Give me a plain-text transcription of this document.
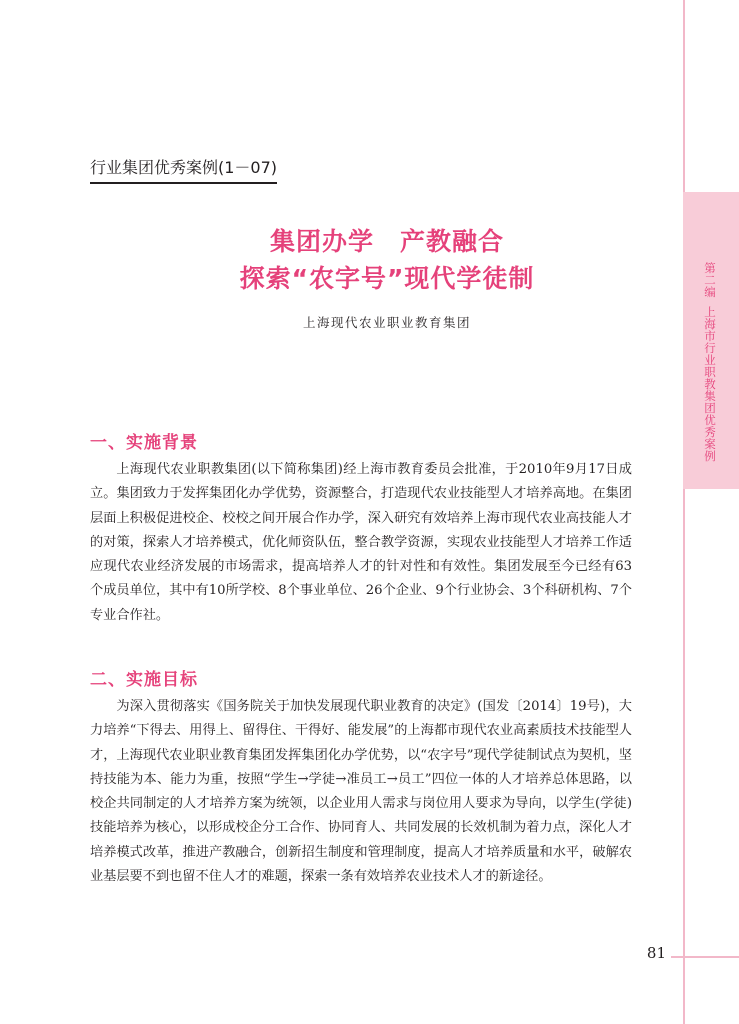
第二编上海市行业职教集团优秀案例
行业集团优秀案例(1－07)
集团办学　产教融合
探索“农字号”现代学徒制
上海现代农业职业教育集团
一、实施背景

上海现代农业职教集团(以下简称集团)经上海市教育委员会批准，于2010年9月17日成立。集团致力于发挥集团化办学优势，资源整合，打造现代农业技能型人才培养高地。在集团层面上积极促进校企、校校之间开展合作办学，深入研究有效培养上海市现代农业高技能人才的对策，探索人才培养模式，优化师资队伍，整合教学资源，实现农业技能型人才培养工作适应现代农业经济发展的市场需求，提高培养人才的针对性和有效性。集团发展至今已经有63个成员单位，其中有10所学校、8个事业单位、26个企业、9个行业协会、3个科研机构、7个专业合作社。

二、实施目标

为深入贯彻落实《国务院关于加快发展现代职业教育的决定》(国发〔2014〕19号)，大力培养“下得去、用得上、留得住、干得好、能发展”的上海都市现代农业高素质技术技能型人才，上海现代农业职业教育集团发挥集团化办学优势，以“农字号”现代学徒制试点为契机，坚持技能为本、能力为重，按照“学生→学徒→准员工→员工”四位一体的人才培养总体思路，以校企共同制定的人才培养方案为统领，以企业用人需求与岗位用人要求为导向，以学生(学徒)技能培养为核心，以形成校企分工合作、协同育人、共同发展的长效机制为着力点，深化人才培养模式改革，推进产教融合，创新招生制度和管理制度，提高人才培养质量和水平，破解农业基层要不到也留不住人才的难题，探索一条有效培养农业技术人才的新途径。

81
